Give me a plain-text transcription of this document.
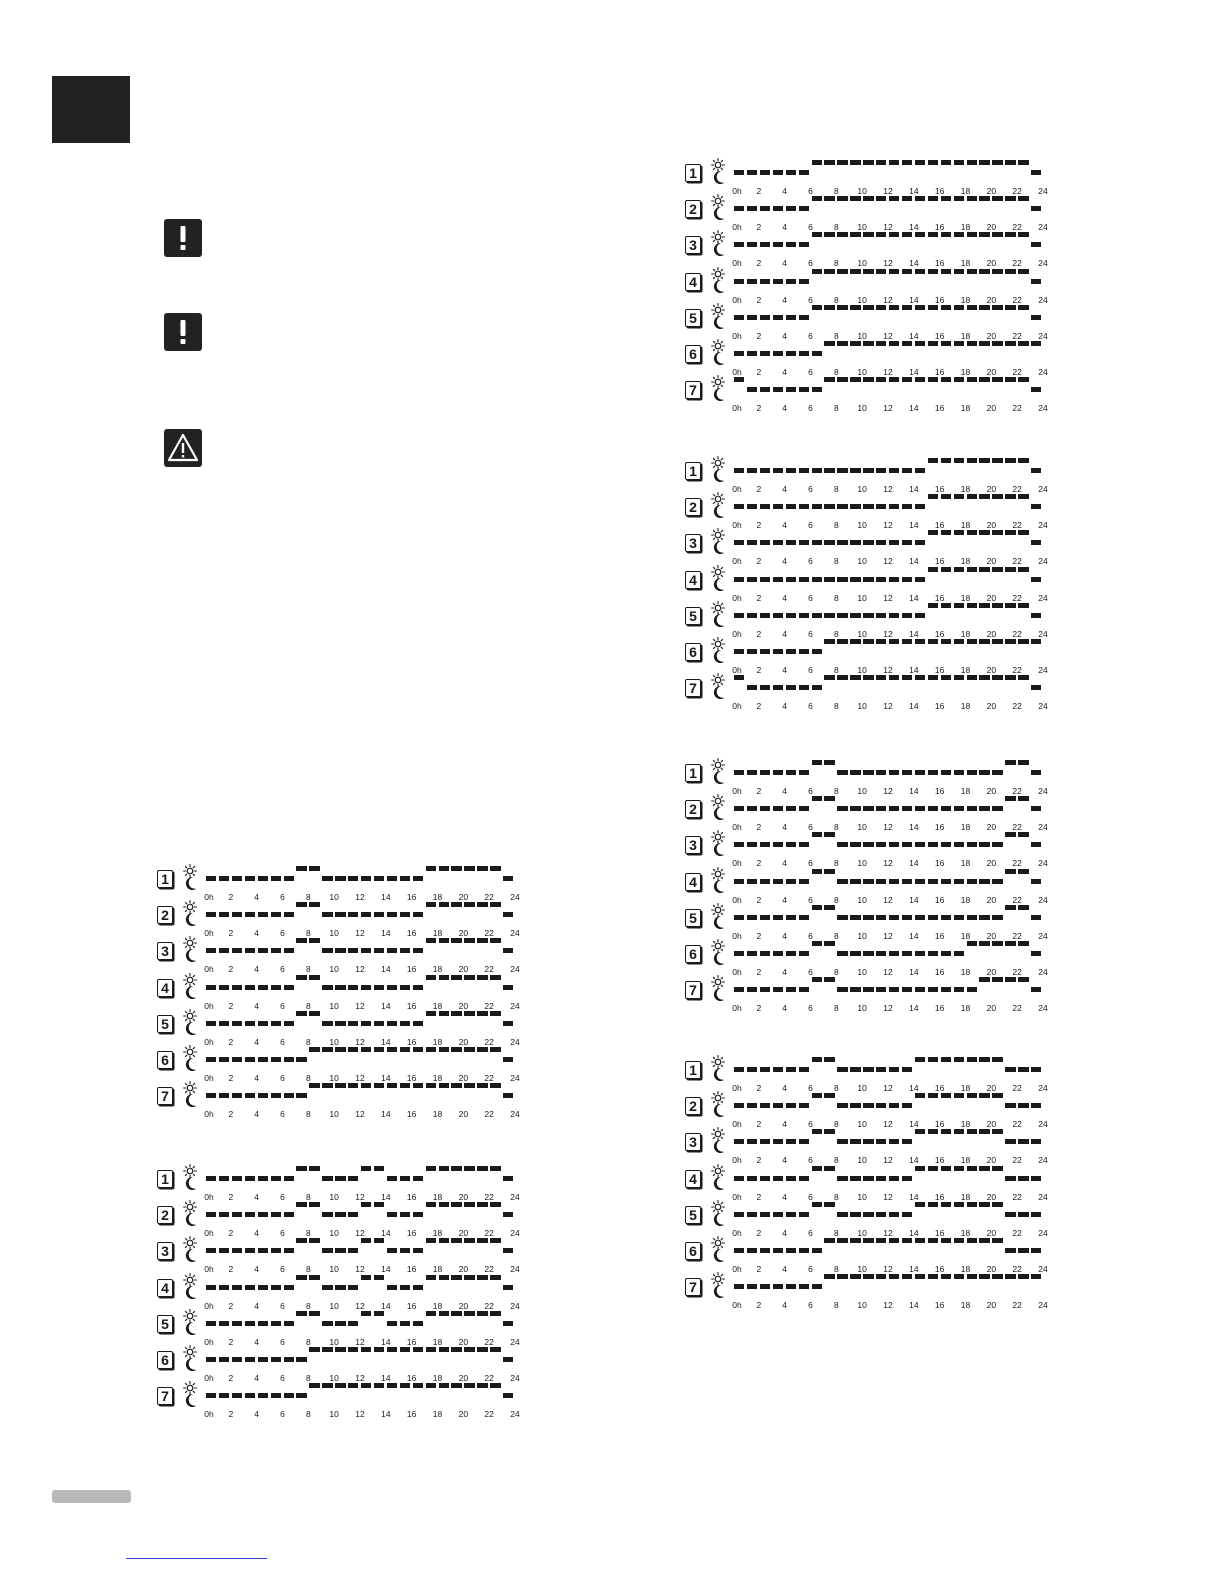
1
0h 2 4 6 8 10 12 14 16 18 20 22 24
2
0h 2 4 6 8 10 12 14 16 18 20 22 24
3
0h 2 4 6 8 10 12 14 16 18 20 22 24
4
0h 2 4 6 8 10 12 14 16 18 20 22 24
5
0h 2 4 6 8 10 12 14 16 18 20 22 24
6
0h 2 4 6 8 10 12 14 16 18 20 22 24
7
0h 2 4 6 8 10 12 14 16 18 20 22 24
1
0h 2 4 6 8 10 12 14 16 18 20 22 24
2
0h 2 4 6 8 10 12 14 16 18 20 22 24
3
0h 2 4 6 8 10 12 14 16 18 20 22 24
4
0h 2 4 6 8 10 12 14 16 18 20 22 24
5
0h 2 4 6 8 10 12 14 16 18 20 22 24
6
0h 2 4 6 8 10 12 14 16 18 20 22 24
7
0h 2 4 6 8 10 12 14 16 18 20 22 24
1
0h 2 4 6 8 10 12 14 16 18 20 22 24
2
0h 2 4 6 8 10 12 14 16 18 20 22 24
3
0h 2 4 6 8 10 12 14 16 18 20 22 24
4
0h 2 4 6 8 10 12 14 16 18 20 22 24
5
0h 2 4 6 8 10 12 14 16 18 20 22 24
6
0h 2 4 6 8 10 12 14 16 18 20 22 24
7
0h 2 4 6 8 10 12 14 16 18 20 22 24
1
0h 2 4 6 8 10 12 14 16 18 20 22 24
2
0h 2 4 6 8 10 12 14 16 18 20 22 24
3
0h 2 4 6 8 10 12 14 16 18 20 22 24
4
0h 2 4 6 8 10 12 14 16 18 20 22 24
5
0h 2 4 6 8 10 12 14 16 18 20 22 24
6
0h 2 4 6 8 10 12 14 16 18 20 22 24
7
0h 2 4 6 8 10 12 14 16 18 20 22 24
1
0h 2 4 6 8 10 12 14 16 18 20 22 24
2
0h 2 4 6 8 10 12 14 16 18 20 22 24
3
0h 2 4 6 8 10 12 14 16 18 20 22 24
4
0h 2 4 6 8 10 12 14 16 18 20 22 24
5
0h 2 4 6 8 10 12 14 16 18 20 22 24
6
0h 2 4 6 8 10 12 14 16 18 20 22 24
7
0h 2 4 6 8 10 12 14 16 18 20 22 24
1
0h 2 4 6 8 10 12 14 16 18 20 22 24
2
0h 2 4 6 8 10 12 14 16 18 20 22 24
3
0h 2 4 6 8 10 12 14 16 18 20 22 24
4
0h 2 4 6 8 10 12 14 16 18 20 22 24
5
0h 2 4 6 8 10 12 14 16 18 20 22 24
6
0h 2 4 6 8 10 12 14 16 18 20 22 24
7
0h 2 4 6 8 10 12 14 16 18 20 22 24
